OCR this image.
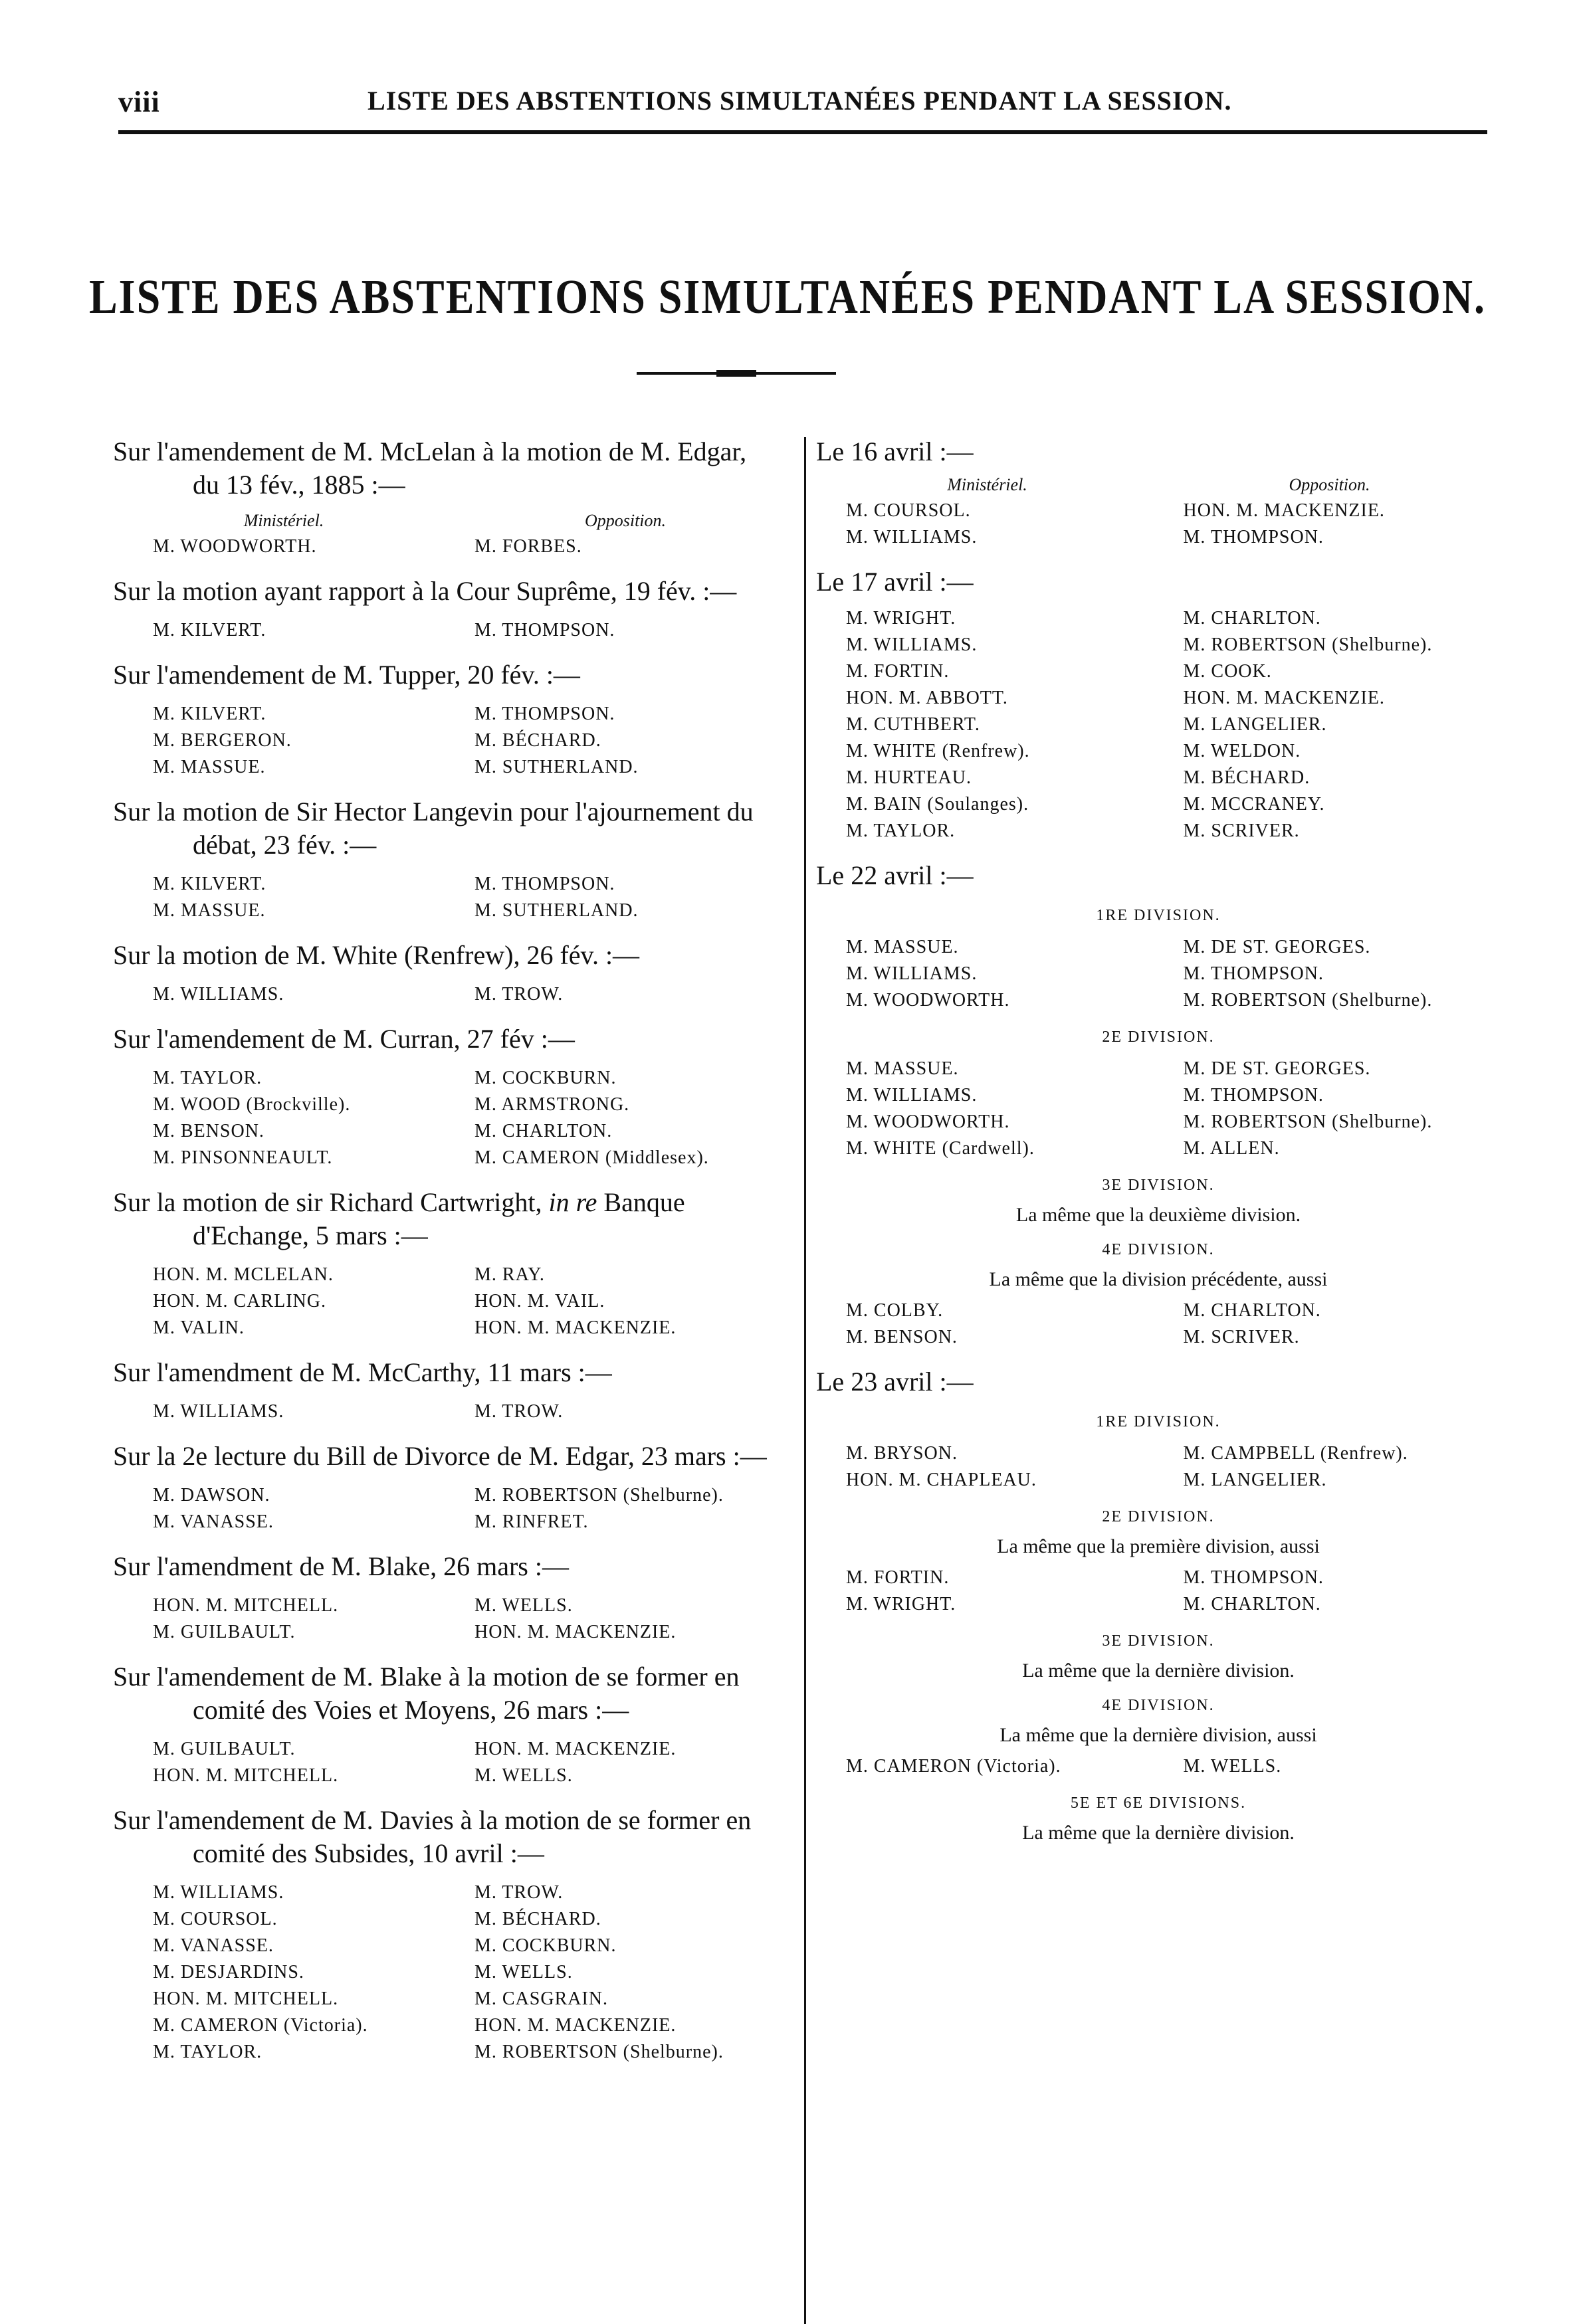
viii	LISTE DES ABSTENTIONS SIMULTANÉES PENDANT LA SESSION.
LISTE DES ABSTENTIONS SIMULTANÉES PENDANT LA SESSION.
Sur l'amendement de M. McLelan à la motion de M. Edgar,
du 13 fév., 1885 :—
Ministériel.	Opposition.
M. WOODWORTH.	M. FORBES.
Sur la motion ayant rapport à la Cour Suprême, 19 fév. :—
M. KILVERT.	M. THOMPSON.
Sur l'amendement de M. Tupper, 20 fév. :—
M. KILVERT.	M. THOMPSON.
M. BERGERON.	M. BÉCHARD.
M. MASSUE.	M. SUTHERLAND.
Sur la motion de Sir Hector Langevin pour l'ajournement du
débat, 23 fév. :—
M. KILVERT.	M. THOMPSON.
M. MASSUE.	M. SUTHERLAND.
Sur la motion de M. White (Renfrew), 26 fév. :—
M. WILLIAMS.	M. TROW.
Sur l'amendement de M. Curran, 27 fév :—
M. TAYLOR.	M. COCKBURN.
M. WOOD (Brockville).	M. ARMSTRONG.
M. BENSON.	M. CHARLTON.
M. PINSONNEAULT.	M. CAMERON (Middlesex).
Sur la motion de sir Richard Cartwright, in re Banque
d'Echange, 5 mars :—
HON. M. MCLELAN.	M. RAY.
HON. M. CARLING.	HON. M. VAIL.
M. VALIN.	HON. M. MACKENZIE.
Sur l'amendment de M. McCarthy, 11 mars :—
M. WILLIAMS.	M. TROW.
Sur la 2e lecture du Bill de Divorce de M. Edgar, 23 mars :—
M. DAWSON.	M. ROBERTSON (Shelburne).
M. VANASSE.	M. RINFRET.
Sur l'amendment de M. Blake, 26 mars :—
HON. M. MITCHELL.	M. WELLS.
M. GUILBAULT.	HON. M. MACKENZIE.
Sur l'amendement de M. Blake à la motion de se former en
comité des Voies et Moyens, 26 mars :—
M. GUILBAULT.	HON. M. MACKENZIE.
HON. M. MITCHELL.	M. WELLS.
Sur l'amendement de M. Davies à la motion de se former en
comité des Subsides, 10 avril :—
M. WILLIAMS.	M. TROW.
M. COURSOL.	M. BÉCHARD.
M. VANASSE.	M. COCKBURN.
M. DESJARDINS.	M. WELLS.
HON. M. MITCHELL.	M. CASGRAIN.
M. CAMERON (Victoria).	HON. M. MACKENZIE.
M. TAYLOR.	M. ROBERTSON (Shelburne).
Le 16 avril :—
Ministériel.	Opposition.
M. COURSOL.	HON. M. MACKENZIE.
M. WILLIAMS.	M. THOMPSON.
Le 17 avril :—
M. WRIGHT.	M. CHARLTON.
M. WILLIAMS.	M. ROBERTSON (Shelburne).
M. FORTIN.	M. COOK.
HON. M. ABBOTT.	HON. M. MACKENZIE.
M. CUTHBERT.	M. LANGELIER.
M. WHITE (Renfrew).	M. WELDON.
M. HURTEAU.	M. BÉCHARD.
M. BAIN (Soulanges).	M. MCCRANEY.
M. TAYLOR.	M. SCRIVER.
Le 22 avril :—
1RE DIVISION.
M. MASSUE.	M. DE ST. GEORGES.
M. WILLIAMS.	M. THOMPSON.
M. WOODWORTH.	M. ROBERTSON (Shelburne).
2E DIVISION.
M. MASSUE.	M. DE ST. GEORGES.
M. WILLIAMS.	M. THOMPSON.
M. WOODWORTH.	M. ROBERTSON (Shelburne).
M. WHITE (Cardwell).	M. ALLEN.
3E DIVISION.
La même que la deuxième division.
4E DIVISION.
La même que la division précédente, aussi
M. COLBY.	M. CHARLTON.
M. BENSON.	M. SCRIVER.
Le 23 avril :—
1RE DIVISION.
M. BRYSON.	M. CAMPBELL (Renfrew).
HON. M. CHAPLEAU.	M. LANGELIER.
2E DIVISION.
La même que la première division, aussi
M. FORTIN.	M. THOMPSON.
M. WRIGHT.	M. CHARLTON.
3E DIVISION.
La même que la dernière division.
4E DIVISION.
La même que la dernière division, aussi
M. CAMERON (Victoria).	M. WELLS.
5E ET 6E DIVISIONS.
La même que la dernière division.
